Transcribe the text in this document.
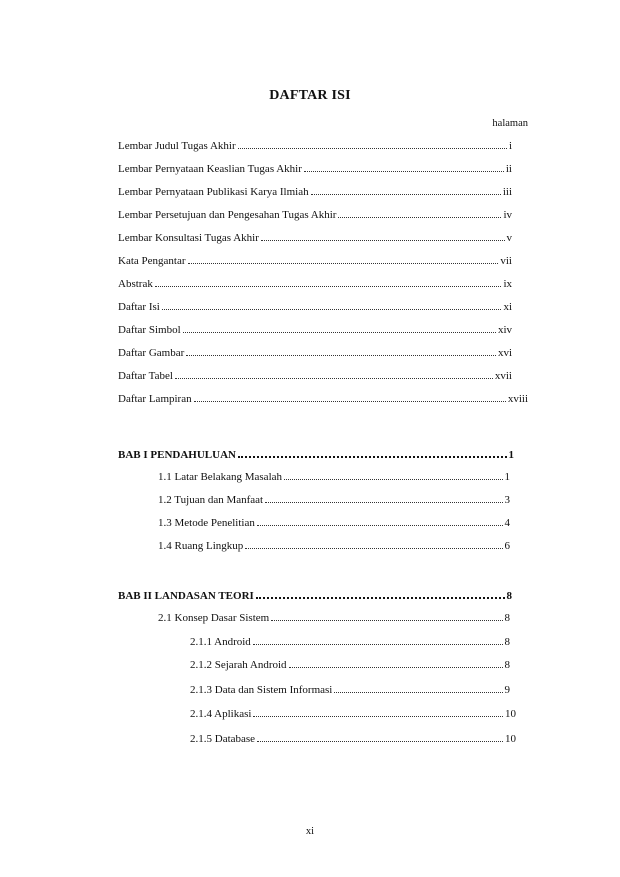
DAFTAR ISI
halaman
Lembar Judul Tugas Akhir	i
Lembar Pernyataan Keaslian Tugas Akhir	ii
Lembar Pernyataan Publikasi Karya Ilmiah	iii
Lembar Persetujuan dan Pengesahan Tugas Akhir	iv
Lembar Konsultasi Tugas Akhir	v
Kata Pengantar	vii
Abstrak	ix
Daftar Isi	xi
Daftar Simbol	xiv
Daftar Gambar	xvi
Daftar Tabel	xvii
Daftar Lampiran	xviii
BAB I PENDAHULUAN	1
1.1 Latar Belakang Masalah	1
1.2 Tujuan dan Manfaat	3
1.3 Metode Penelitian	4
1.4 Ruang Lingkup	6
BAB II LANDASAN TEORI	8
2.1 Konsep Dasar Sistem	8
2.1.1 Android	8
2.1.2 Sejarah Android	8
2.1.3 Data dan Sistem Informasi	9
2.1.4 Aplikasi	10
2.1.5 Database	10
xi
